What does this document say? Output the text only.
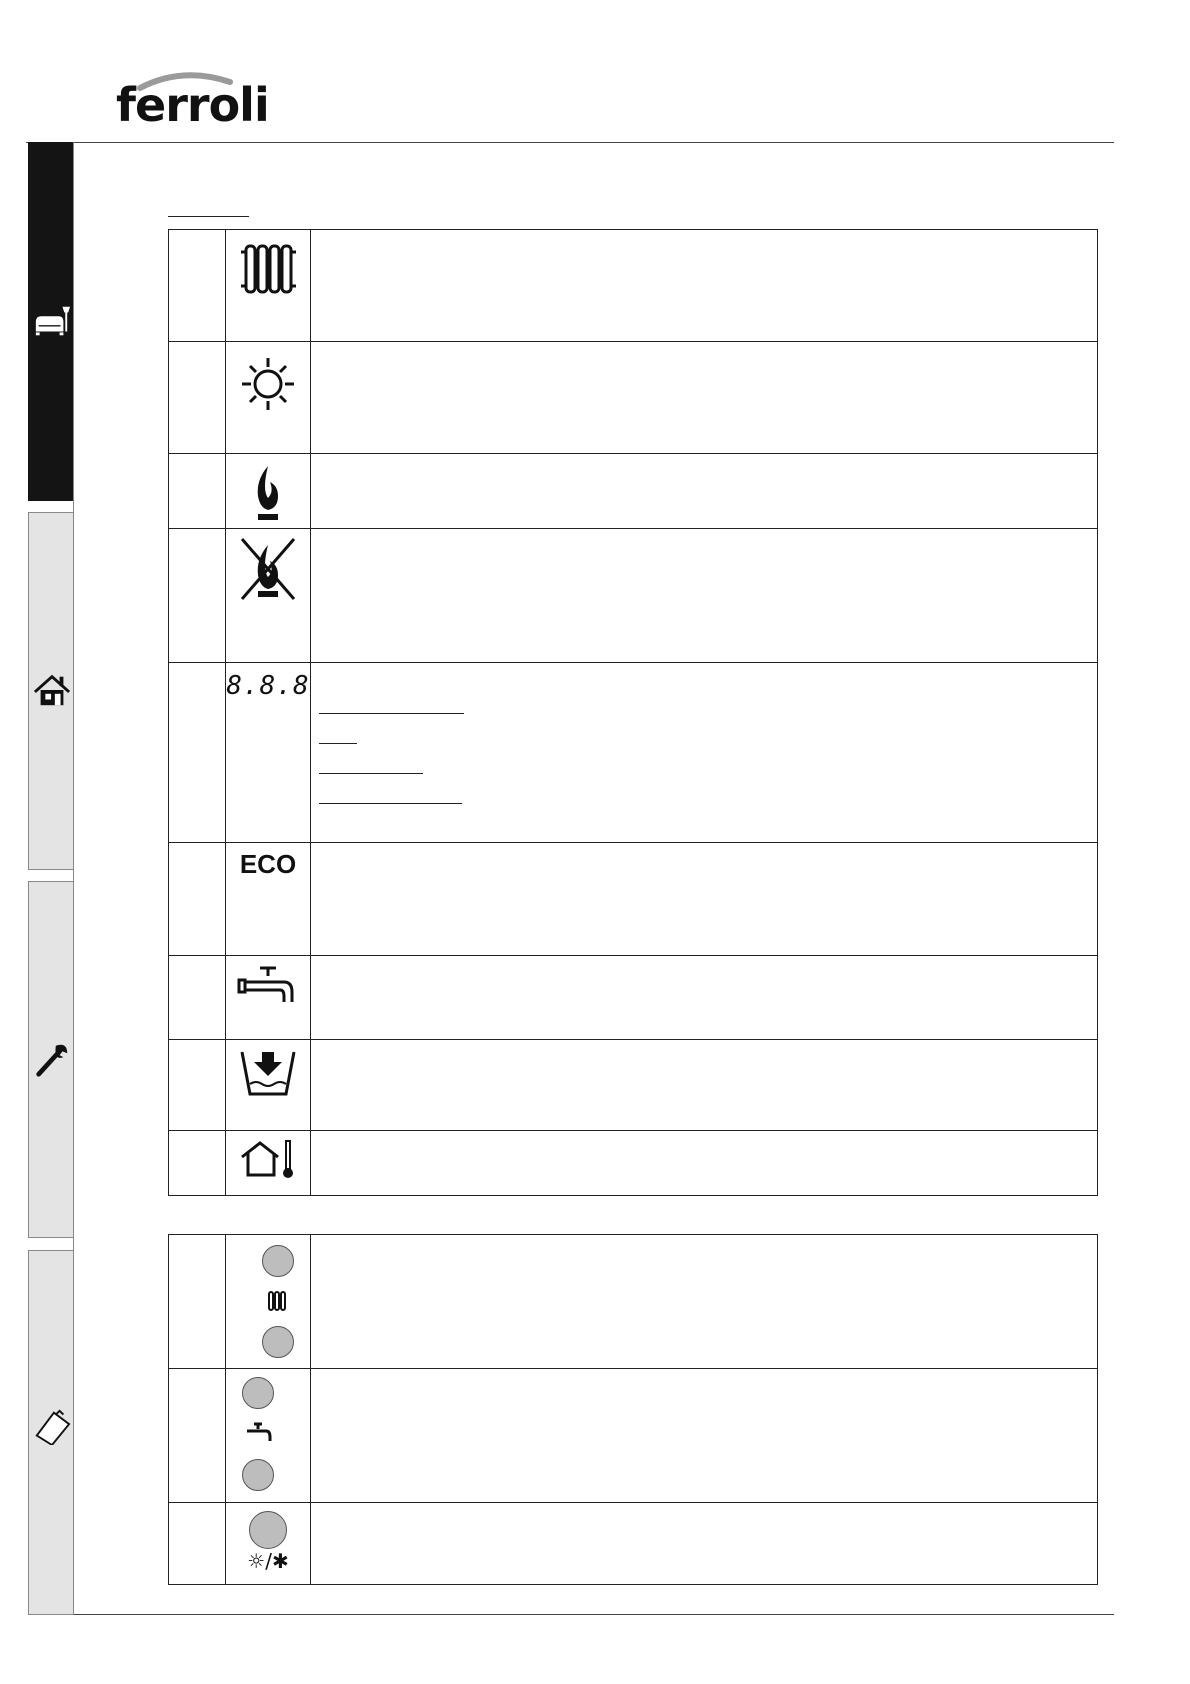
ferroli

	8.8.8	

	ECO	

	☼/✱	
